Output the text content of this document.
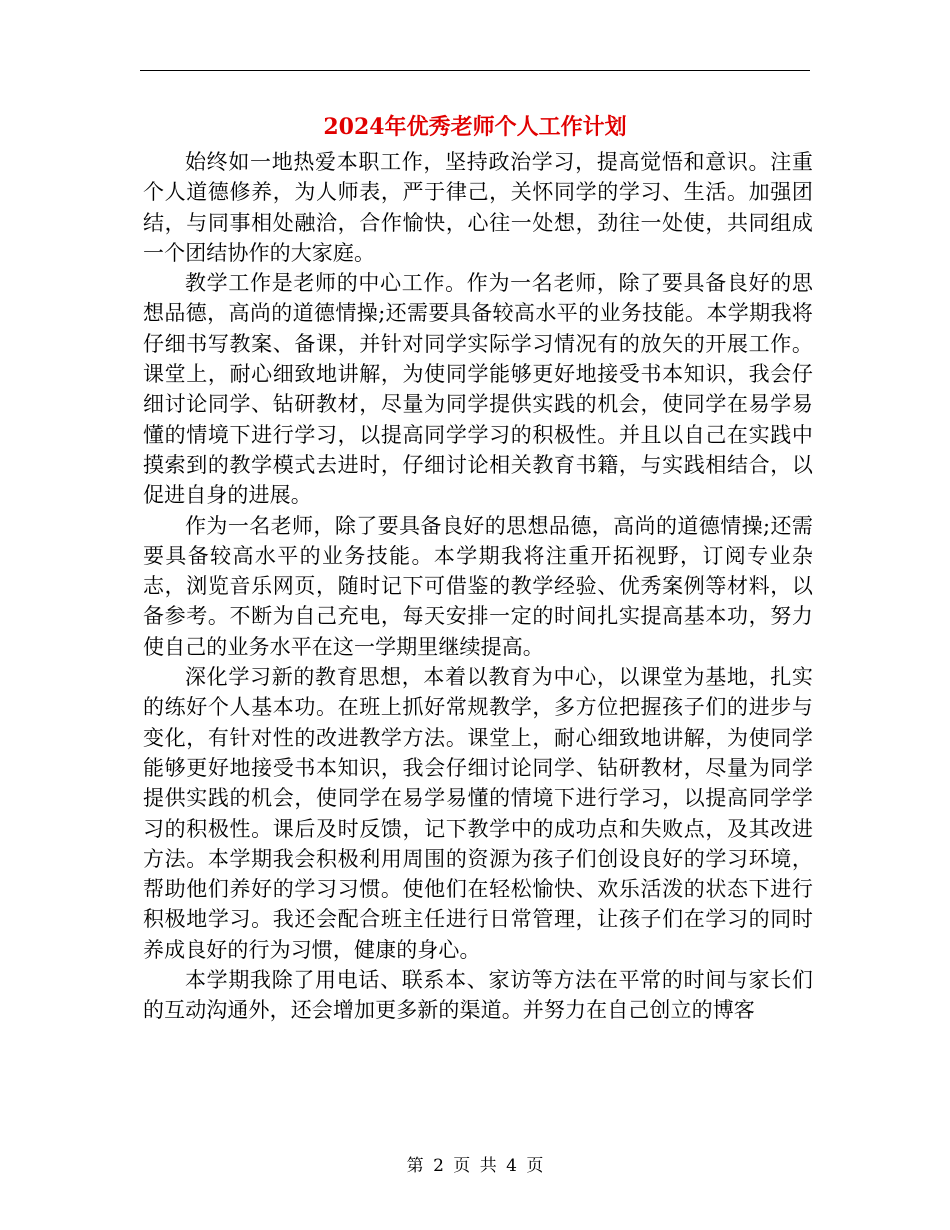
2024年优秀老师个人工作计划

始终如一地热爱本职工作，坚持政治学习，提高觉悟和意识。注重个人道德修养，为人师表，严于律己，关怀同学的学习、生活。加强团结，与同事相处融洽，合作愉快，心往一处想，劲往一处使，共同组成一个团结协作的大家庭。

教学工作是老师的中心工作。作为一名老师，除了要具备良好的思想品德，高尚的道德情操;还需要具备较高水平的业务技能。本学期我将仔细书写教案、备课，并针对同学实际学习情况有的放矢的开展工作。课堂上，耐心细致地讲解，为使同学能够更好地接受书本知识，我会仔细讨论同学、钻研教材，尽量为同学提供实践的机会，使同学在易学易懂的情境下进行学习，以提高同学学习的积极性。并且以自己在实践中摸索到的教学模式去进时，仔细讨论相关教育书籍，与实践相结合，以促进自身的进展。

作为一名老师，除了要具备良好的思想品德，高尚的道德情操;还需要具备较高水平的业务技能。本学期我将注重开拓视野，订阅专业杂志，浏览音乐网页，随时记下可借鉴的教学经验、优秀案例等材料，以备参考。不断为自己充电，每天安排一定的时间扎实提高基本功，努力使自己的业务水平在这一学期里继续提高。

深化学习新的教育思想，本着以教育为中心，以课堂为基地，扎实的练好个人基本功。在班上抓好常规教学，多方位把握孩子们的进步与变化，有针对性的改进教学方法。课堂上，耐心细致地讲解，为使同学能够更好地接受书本知识，我会仔细讨论同学、钻研教材，尽量为同学提供实践的机会，使同学在易学易懂的情境下进行学习，以提高同学学习的积极性。课后及时反馈，记下教学中的成功点和失败点，及其改进方法。本学期我会积极利用周围的资源为孩子们创设良好的学习环境，帮助他们养好的学习习惯。使他们在轻松愉快、欢乐活泼的状态下进行积极地学习。我还会配合班主任进行日常管理，让孩子们在学习的同时养成良好的行为习惯，健康的身心。

本学期我除了用电话、联系本、家访等方法在平常的时间与家长们的互动沟通外，还会增加更多新的渠道。并努力在自己创立的博客

第 2 页 共 4 页
